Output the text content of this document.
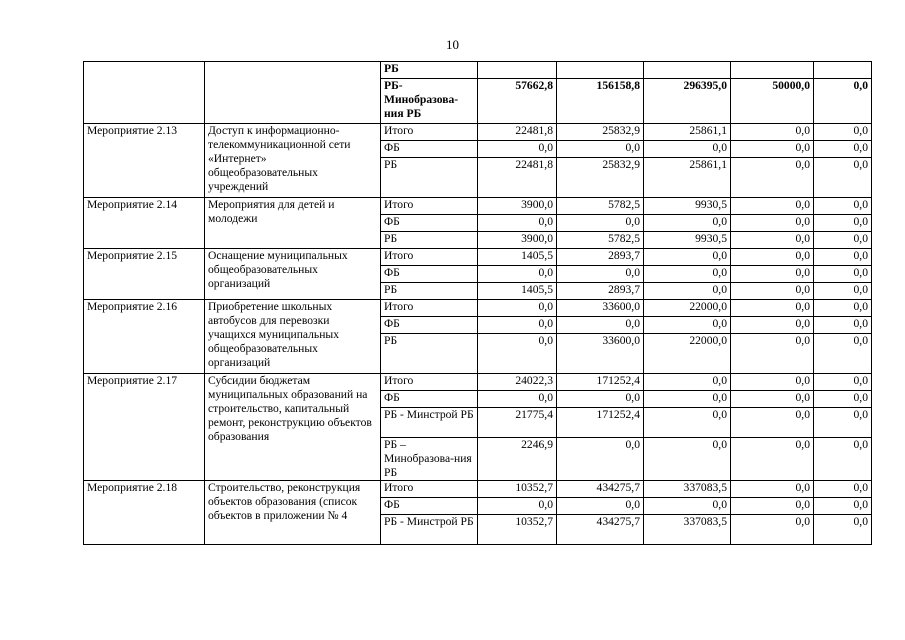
10
		РБ					
		РБ-Минобразова-ния РБ	57662,8	156158,8	296395,0	50000,0	0,0
Мероприятие 2.13	Доступ к информационно-телекоммуникационной сети «Интернет» общеобразовательных учреждений	Итого	22481,8	25832,9	25861,1	0,0	0,0
		ФБ	0,0	0,0	0,0	0,0	0,0
		РБ	22481,8	25832,9	25861,1	0,0	0,0
Мероприятие 2.14	Мероприятия для детей и молодежи	Итого	3900,0	5782,5	9930,5	0,0	0,0
		ФБ	0,0	0,0	0,0	0,0	0,0
		РБ	3900,0	5782,5	9930,5	0,0	0,0
Мероприятие 2.15	Оснащение муниципальных общеобразовательных организаций	Итого	1405,5	2893,7	0,0	0,0	0,0
		ФБ	0,0	0,0	0,0	0,0	0,0
		РБ	1405,5	2893,7	0,0	0,0	0,0
Мероприятие 2.16	Приобретение школьных автобусов для перевозки учащихся муниципальных общеобразовательных организаций	Итого	0,0	33600,0	22000,0	0,0	0,0
		ФБ	0,0	0,0	0,0	0,0	0,0
		РБ	0,0	33600,0	22000,0	0,0	0,0
Мероприятие 2.17	Субсидии бюджетам муниципальных образований на строительство, капитальный ремонт, реконструкцию объектов образования	Итого	24022,3	171252,4	0,0	0,0	0,0
		ФБ	0,0	0,0	0,0	0,0	0,0
		РБ - Минстрой РБ	21775,4	171252,4	0,0	0,0	0,0
		РБ – Минобразова-ния РБ	2246,9	0,0	0,0	0,0	0,0
Мероприятие 2.18	Строительство, реконструкция объектов образования (список объектов в приложении № 4	Итого	10352,7	434275,7	337083,5	0,0	0,0
		ФБ	0,0	0,0	0,0	0,0	0,0
		РБ - Минстрой РБ	10352,7	434275,7	337083,5	0,0	0,0
